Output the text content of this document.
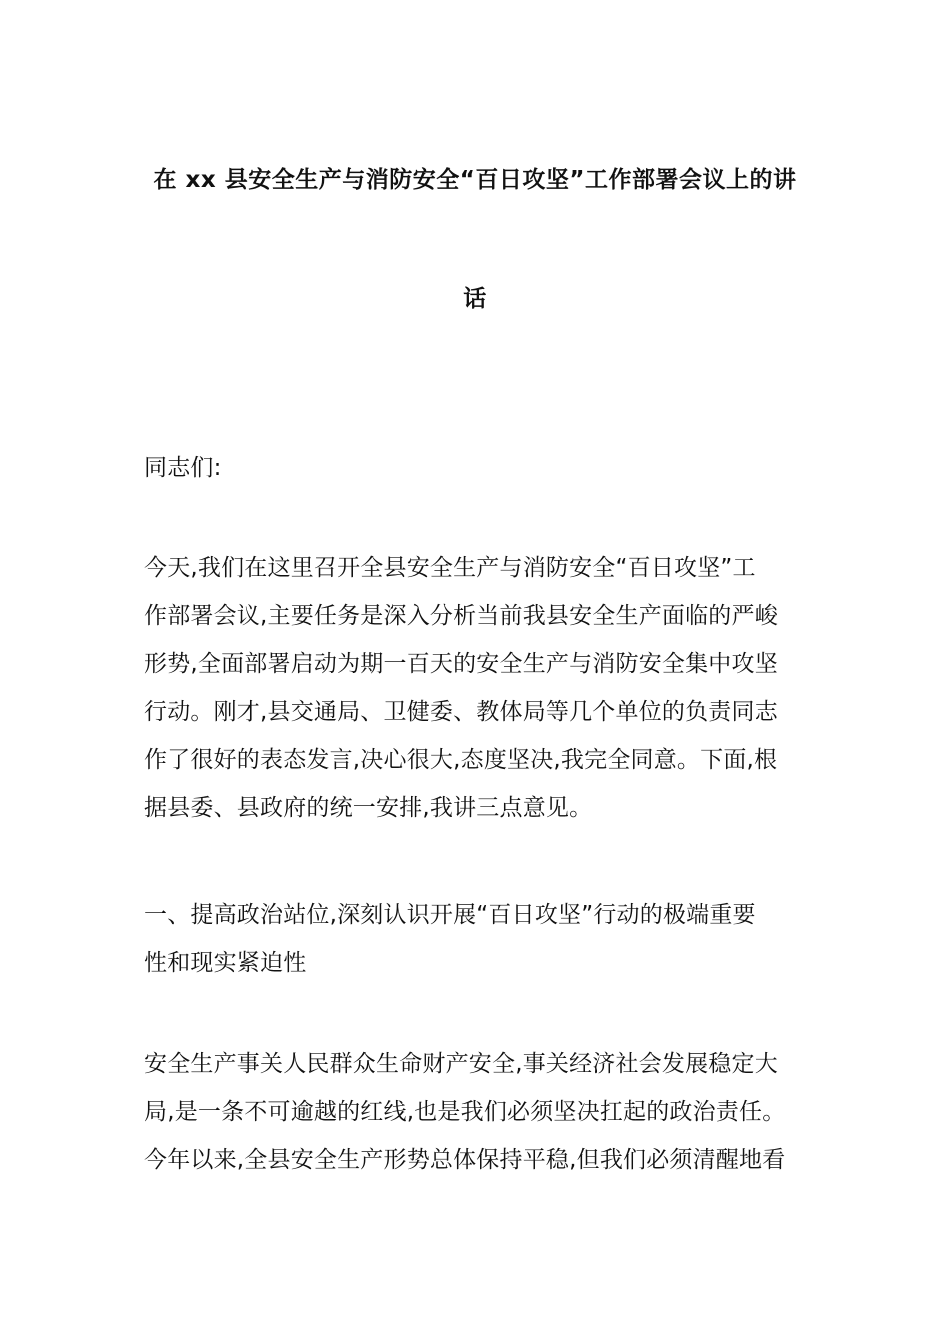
在 xx 县安全生产与消防安全“百日攻坚”工作部署会议上的讲
话
同志们:

今天,我们在这里召开全县安全生产与消防安全“百日攻坚”工

作部署会议,主要任务是深入分析当前我县安全生产面临的严峻

形势,全面部署启动为期一百天的安全生产与消防安全集中攻坚

行动。刚才,县交通局、卫健委、教体局等几个单位的负责同志

作了很好的表态发言,决心很大,态度坚决,我完全同意。下面,根

据县委、县政府的统一安排,我讲三点意见。

一、提高政治站位,深刻认识开展“百日攻坚”行动的极端重要

性和现实紧迫性

安全生产事关人民群众生命财产安全,事关经济社会发展稳定大

局,是一条不可逾越的红线,也是我们必须坚决扛起的政治责任。

今年以来,全县安全生产形势总体保持平稳,但我们必须清醒地看
